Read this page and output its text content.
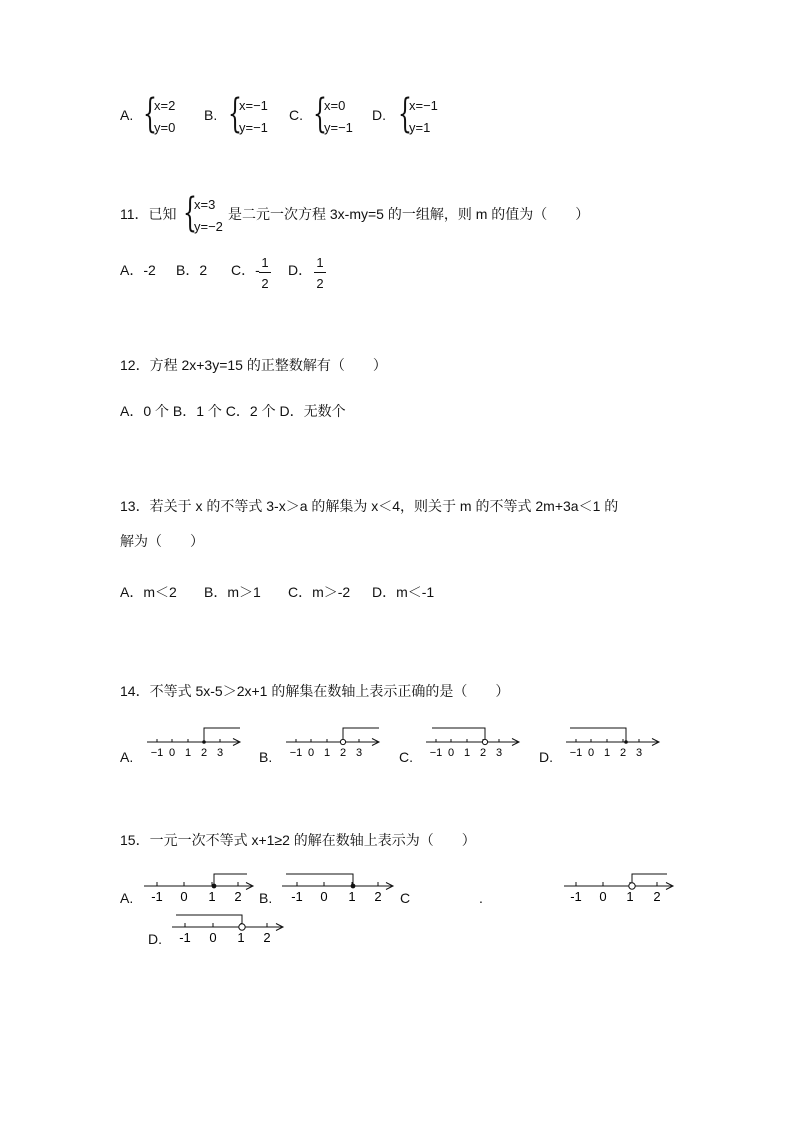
A. {
x=2
y=0
B. {
x=−1
y=−1
C. {
x=0
y=−1
D. {
x=−1
y=1
11．已知 {
x=3
y=−2
是二元一次方程 3x-my=5 的一组解，则 m 的值为（　　）
A．-2 B．2 C．- 1
2
D． 1
2
12．方程 2x+3y=15 的正整数解有（　　）
A．0 个 B．1 个 C．2 个 D．无数个
13．若关于 x 的不等式 3-x＞a 的解集为 x＜4，则关于 m 的不等式 2m+3a＜1 的
解为（　　）
A．m＜2 B．m＞1 C．m＞-2 D．m＜-1
14．不等式 5x-5＞2x+1 的解集在数轴上表示正确的是（　　）
A. −1 0 1 2 3	B. −1 0 1 2 3	C. −1 0 1 2 3	D. −1 0 1 2 3
15．一元一次不等式 x+1≥2 的解在数轴上表示为（　　）
A. -1 0 1 2 B. -1 0 1 2 C	.	-1 0 1 2
D. -1 0 1 2
